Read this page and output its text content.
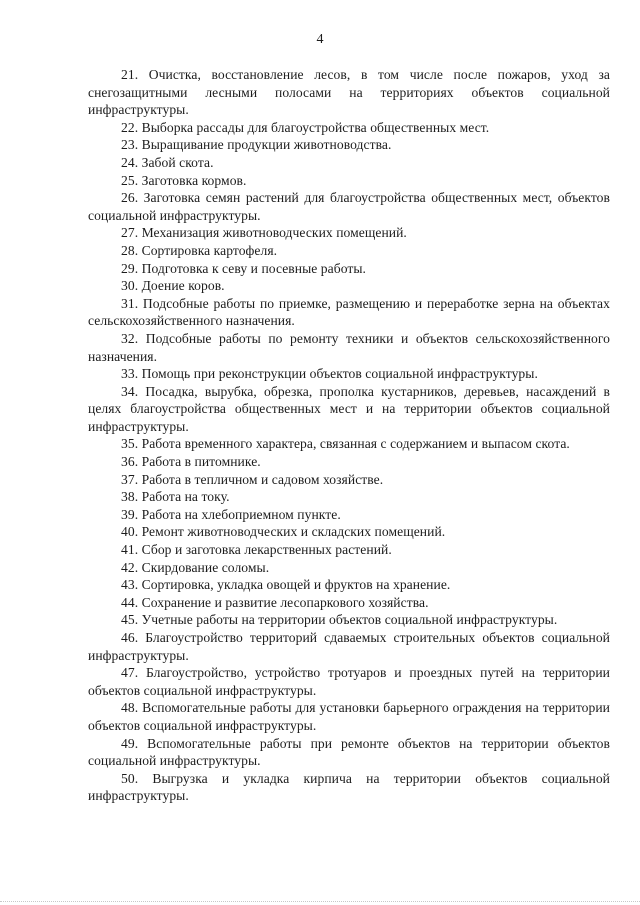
4

21. Очистка, восстановление лесов, в том числе после пожаров, уход за снегозащитными лесными полосами на территориях объектов социальной инфраструктуры.

22. Выборка рассады для благоустройства общественных мест.

23. Выращивание продукции животноводства.

24. Забой скота.

25. Заготовка кормов.

26. Заготовка семян растений для благоустройства общественных мест, объектов социальной инфраструктуры.

27. Механизация животноводческих помещений.

28. Сортировка картофеля.

29. Подготовка к севу и посевные работы.

30. Доение коров.

31. Подсобные работы по приемке, размещению и переработке зерна на объектах сельскохозяйственного назначения.

32. Подсобные работы по ремонту техники и объектов сельскохозяйственного назначения.

33. Помощь при реконструкции объектов социальной инфраструктуры.

34. Посадка, вырубка, обрезка, прополка кустарников, деревьев, насаждений в целях благоустройства общественных мест и на территории объектов социальной инфраструктуры.

35. Работа временного характера, связанная с содержанием и выпасом скота.

36. Работа в питомнике.

37. Работа в тепличном и садовом хозяйстве.

38. Работа на току.

39. Работа на хлебоприемном пункте.

40. Ремонт животноводческих и складских помещений.

41. Сбор и заготовка лекарственных растений.

42. Скирдование соломы.

43. Сортировка, укладка овощей и фруктов на хранение.

44. Сохранение и развитие лесопаркового хозяйства.

45. Учетные работы на территории объектов социальной инфраструктуры.

46. Благоустройство территорий сдаваемых строительных объектов социальной инфраструктуры.

47. Благоустройство, устройство тротуаров и проездных путей на территории объектов социальной инфраструктуры.

48. Вспомогательные работы для установки барьерного ограждения на территории объектов социальной инфраструктуры.

49. Вспомогательные работы при ремонте объектов на территории объектов социальной инфраструктуры.

50. Выгрузка и укладка кирпича на территории объектов социальной инфраструктуры.
